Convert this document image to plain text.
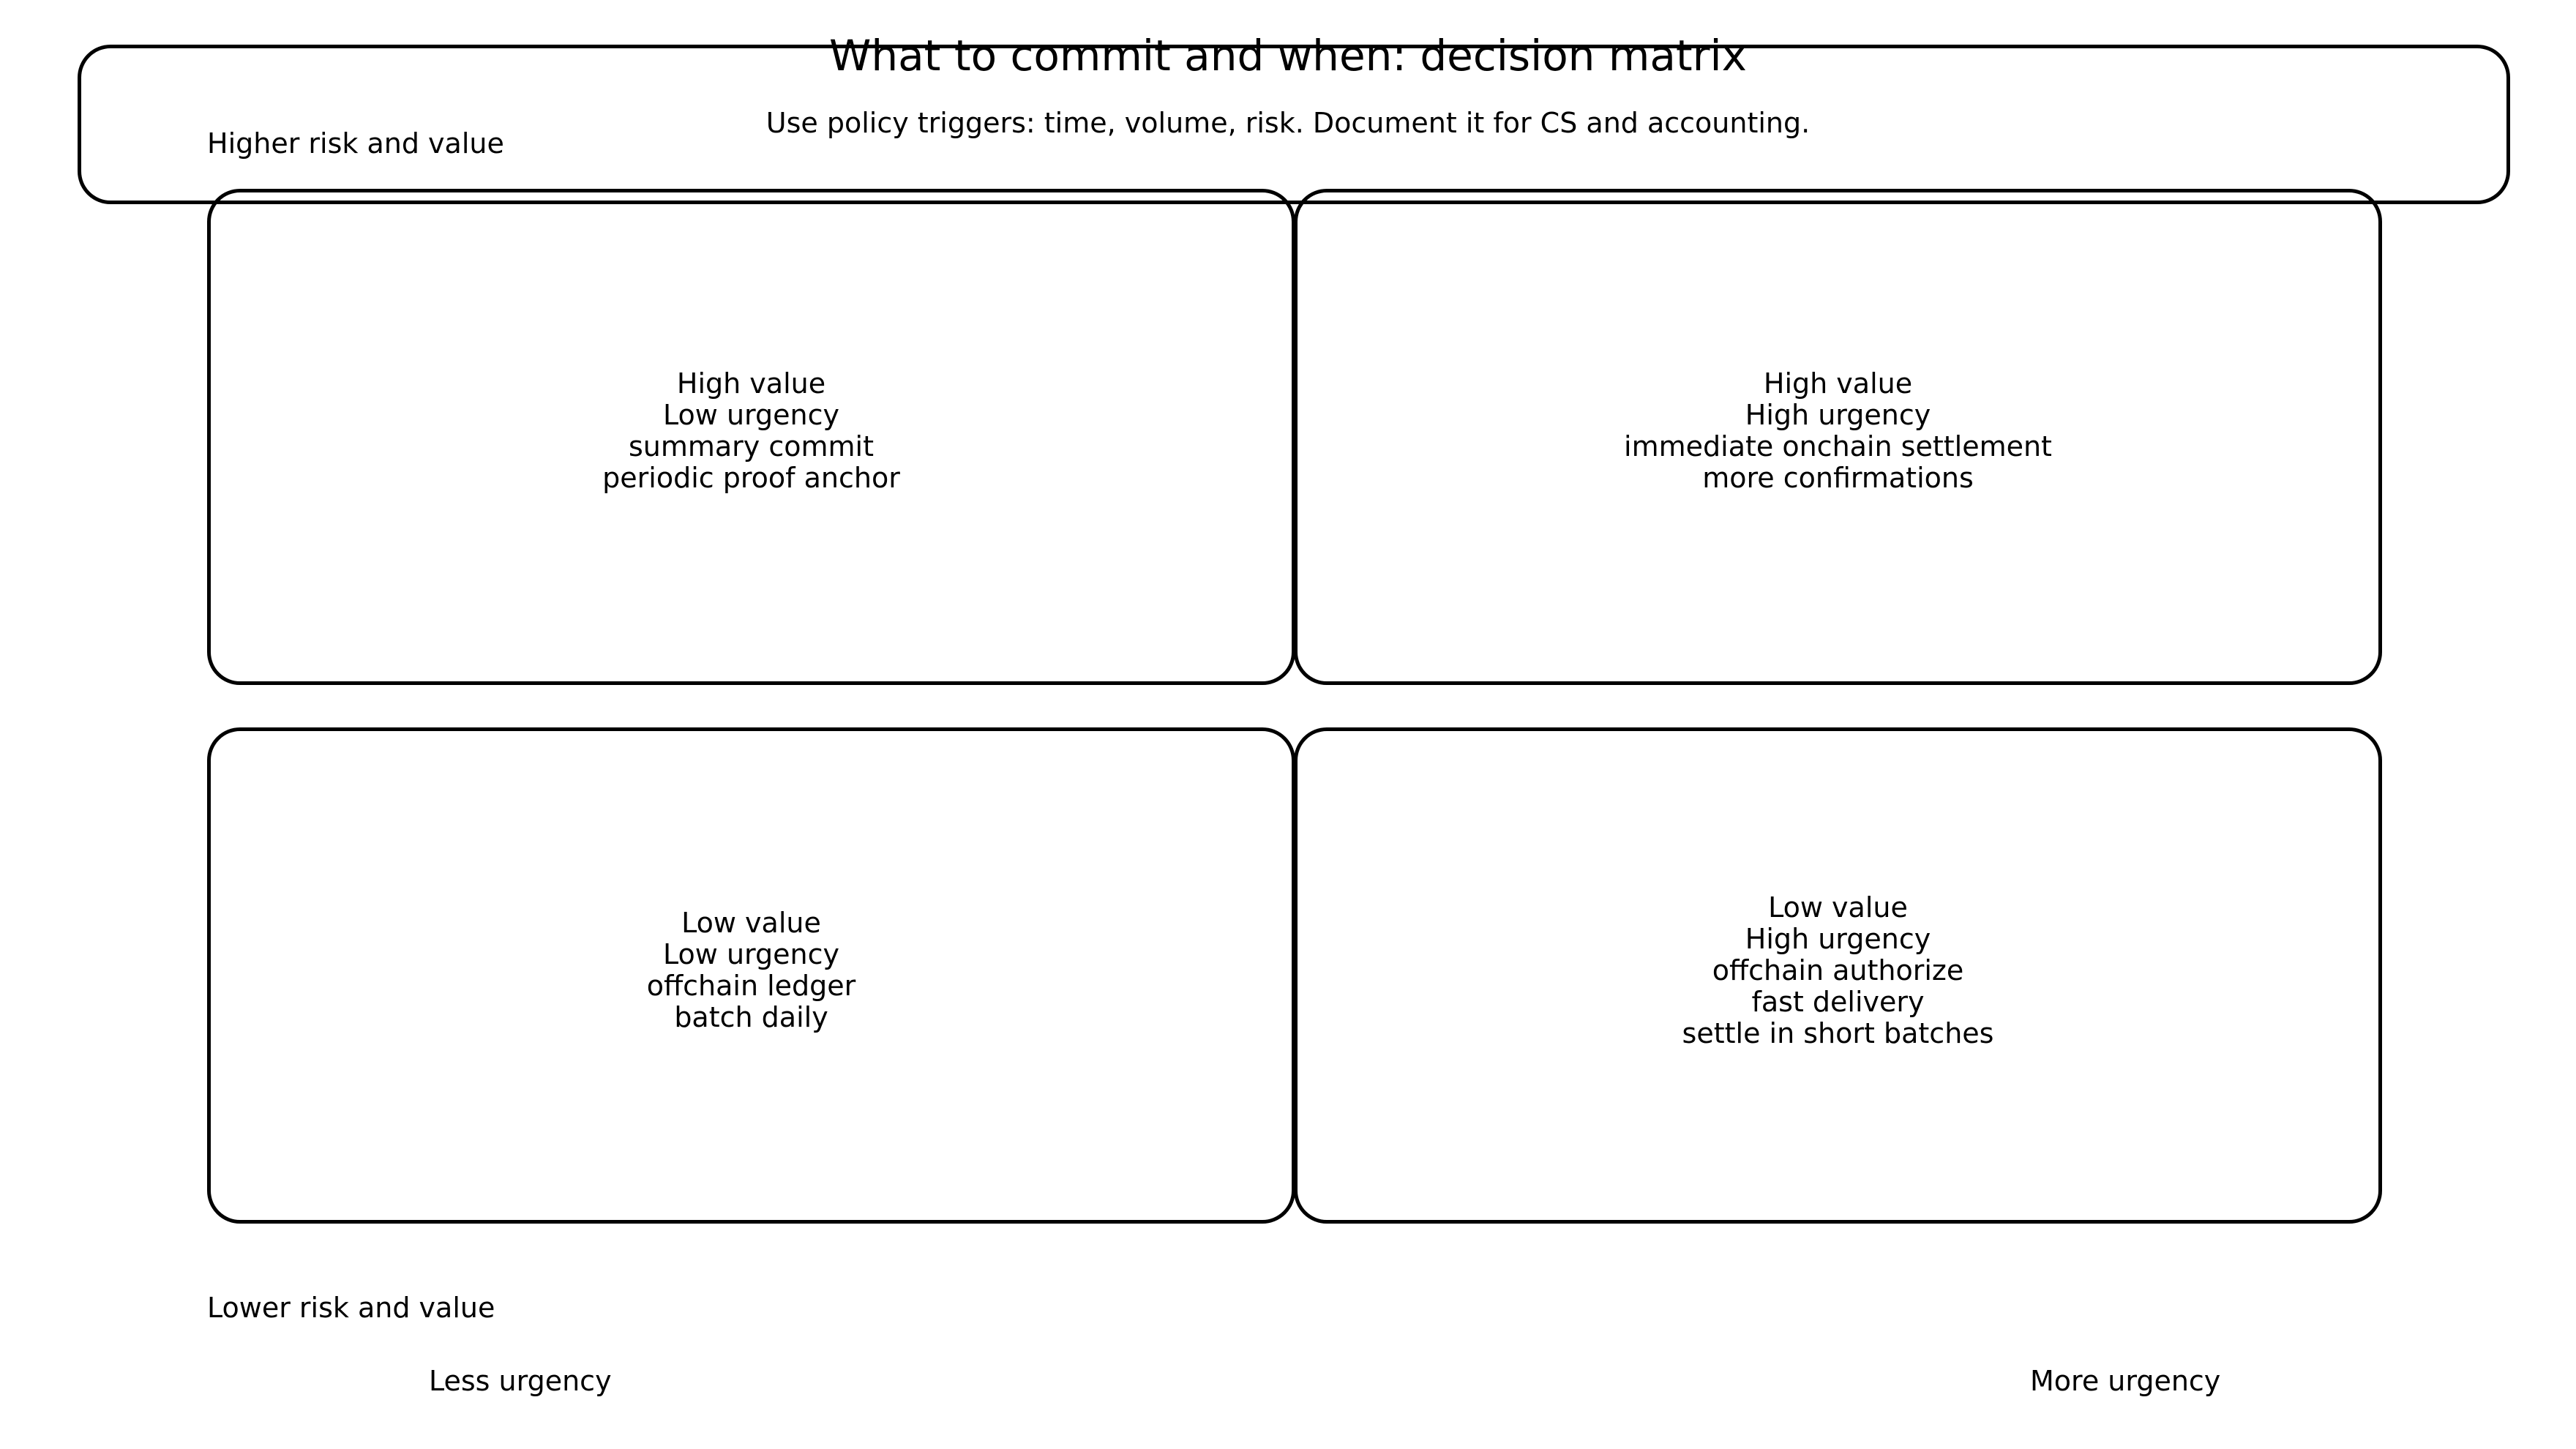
What to commit and when: decision matrix
Use policy triggers: time, volume, risk. Document it for CS and accounting.
Higher risk and value
High value
Low urgency
summary commit
periodic proof anchor
High value
High urgency
immediate onchain settlement
more confirmations
Low value
Low urgency
offchain ledger
batch daily
Low value
High urgency
offchain authorize
fast delivery
settle in short batches
Lower risk and value
Less urgency	More urgency
